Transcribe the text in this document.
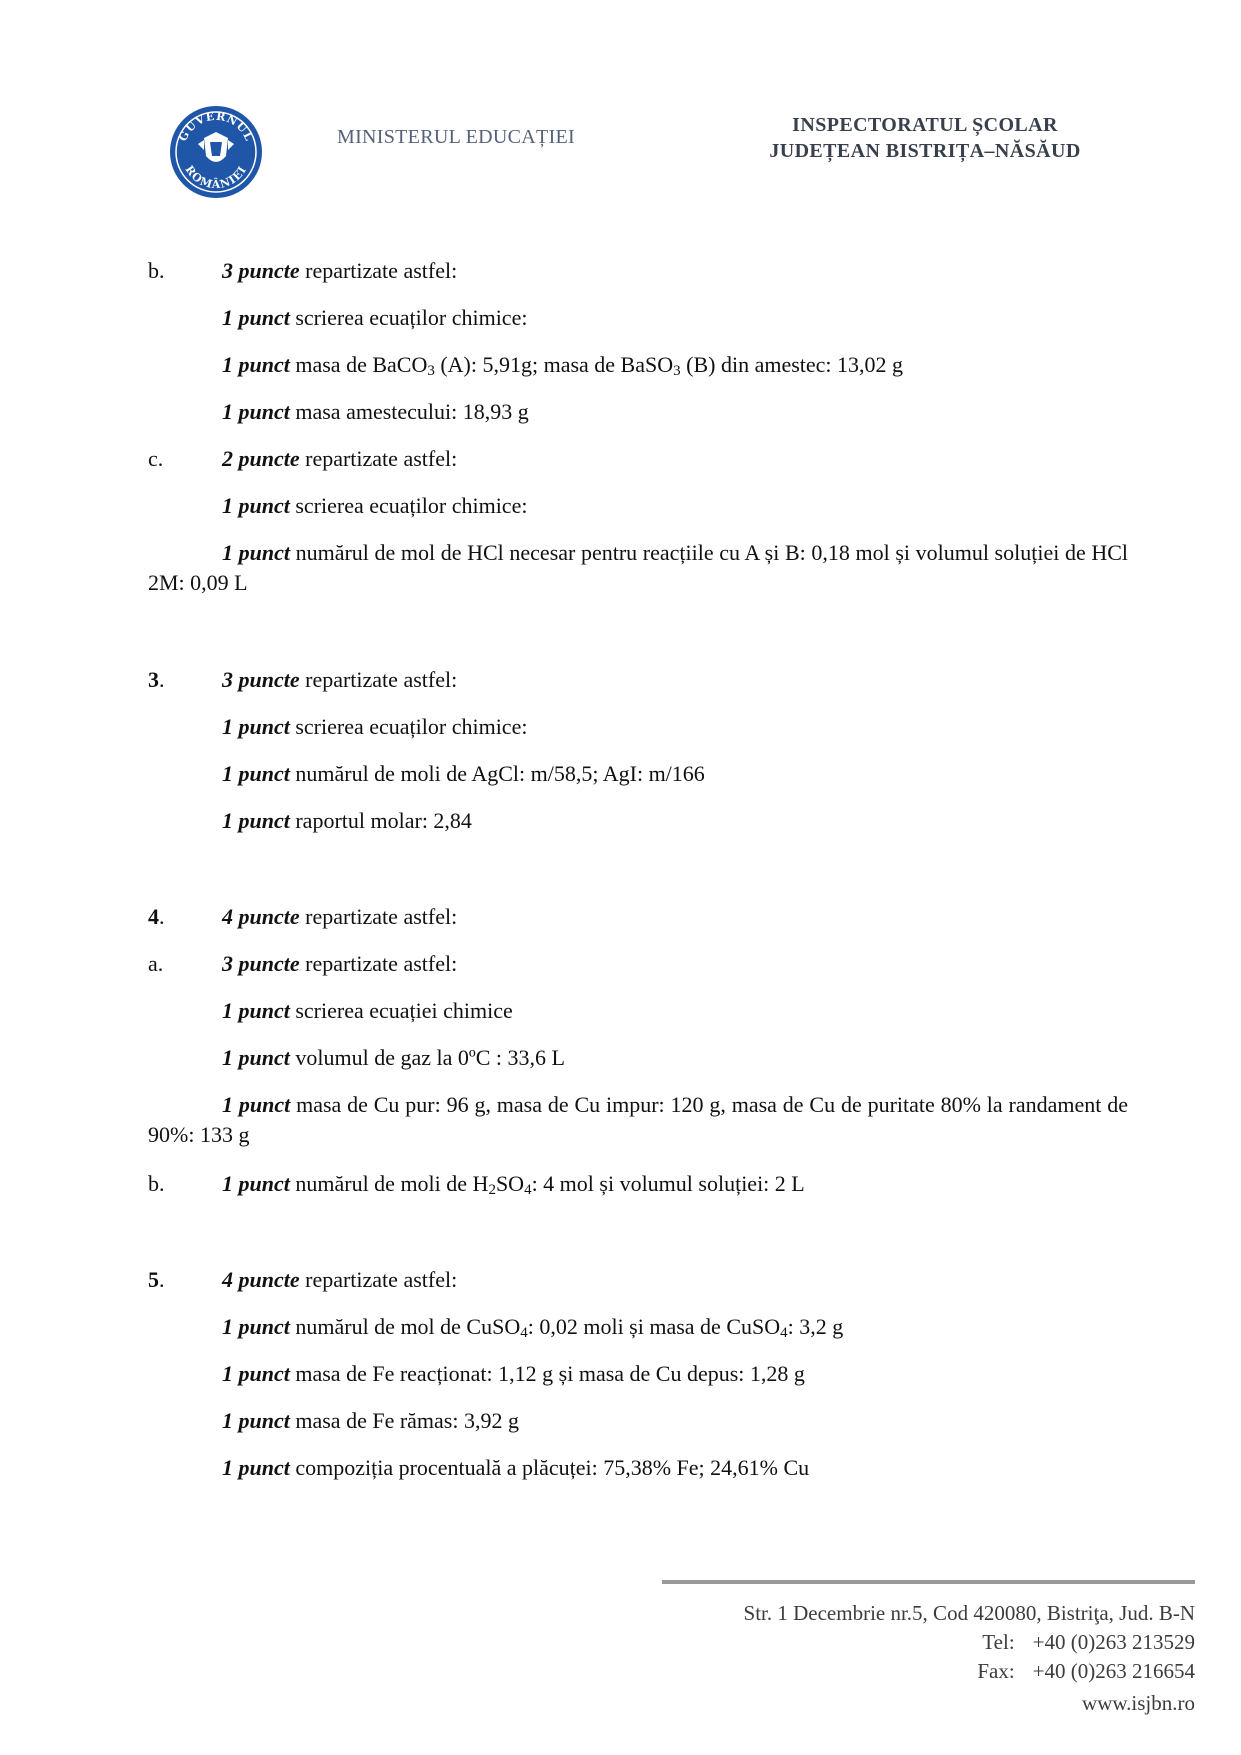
GUVERNUL
ROMÂNIEI
MINISTERUL EDUCAȚIEI
INSPECTORATUL ȘCOLAR
JUDEȚEAN BISTRIȚA–NĂSĂUD
b.	3 puncte repartizate astfel:
1 punct scrierea ecuaților chimice:
1 punct masa de BaCO$_3$ (A): 5,91g; masa de BaSO$_3$ (B) din amestec: 13,02 g
1 punct masa amestecului: 18,93 g
c.	2 puncte repartizate astfel:
1 punct scrierea ecuaților chimice:
1 punct numărul de mol de HCl necesar pentru reacțiile cu A și B: 0,18 mol și volumul soluției de HCl 2M: 0,09 L
3.	3 puncte repartizate astfel:
1 punct scrierea ecuaților chimice:
1 punct numărul de moli de AgCl: m/58,5; AgI: m/166
1 punct raportul molar: 2,84
4.	4 puncte repartizate astfel:
a.	3 puncte repartizate astfel:
1 punct scrierea ecuației chimice
1 punct volumul de gaz la 0ºC : 33,6 L
1 punct masa de Cu pur: 96 g, masa de Cu impur: 120 g, masa de Cu de puritate 80% la randament de 90%: 133 g
b.	1 punct numărul de moli de $H_2SO_4$: 4 mol și volumul soluției: 2 L
5.	4 puncte repartizate astfel:
1 punct numărul de mol de CuSO$_4$: 0,02 moli și masa de CuSO$_4$: 3,2 g
1 punct masa de Fe reacționat: 1,12 g și masa de Cu depus: 1,28 g
1 punct masa de Fe rămas: 3,92 g
1 punct compoziția procentuală a plăcuței: 75,38% Fe; 24,61% Cu
Str. 1 Decembrie nr.5, Cod 420080, Bistriţa, Jud. B-N
Tel: +40 (0)263 213529
Fax: +40 (0)263 216654
www.isjbn.ro
